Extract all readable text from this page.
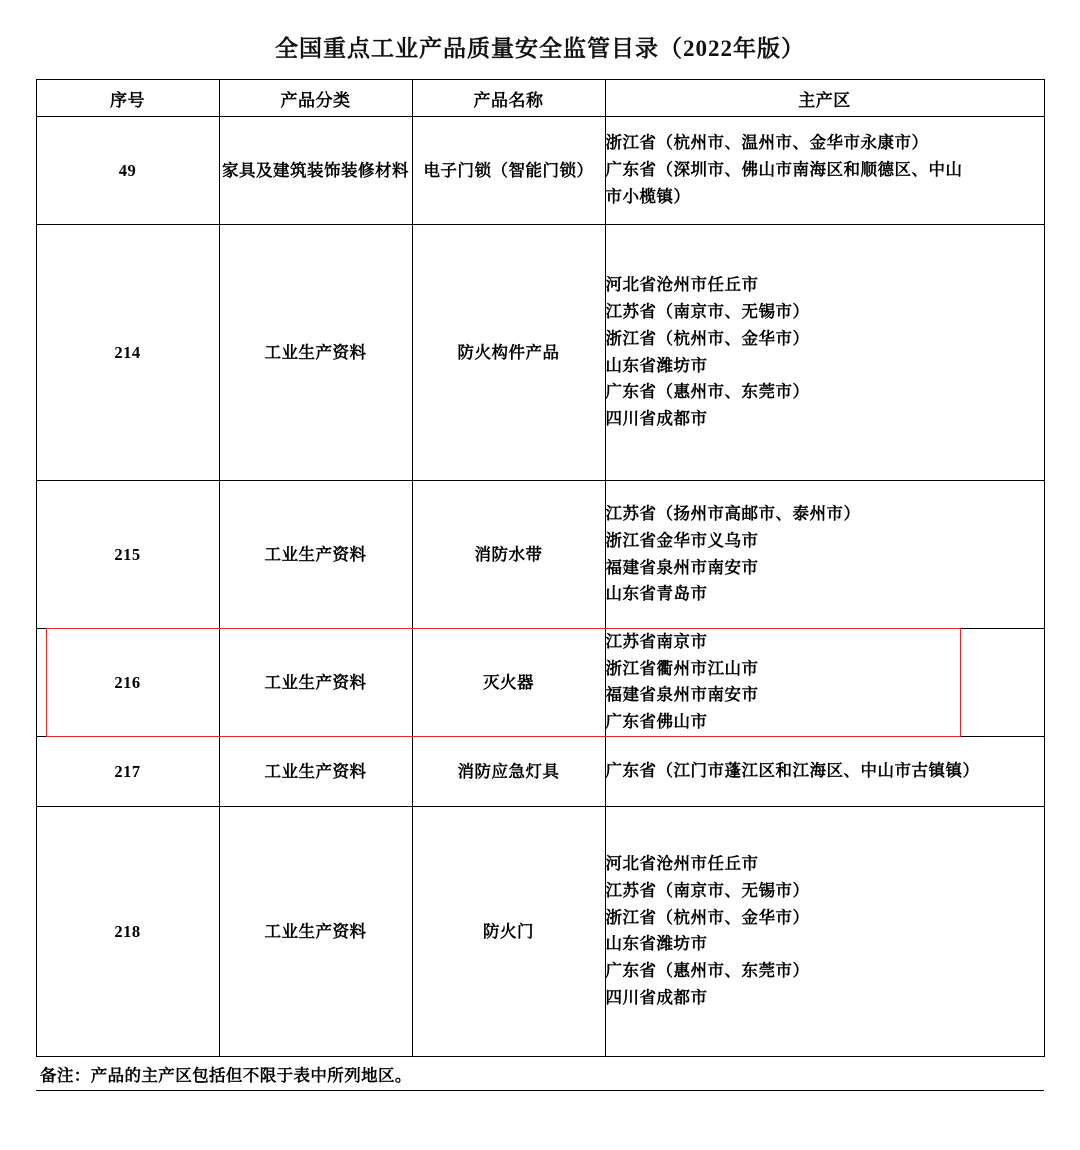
全国重点工业产品质量安全监管目录（2022年版）
序号	产品分类	产品名称	主产区
49	家具及建筑装饰装修材料	电子门锁（智能门锁）	浙江省（杭州市、温州市、金华市永康市）
广东省（深圳市、佛山市南海区和顺德区、中山
市小榄镇）

214	工业生产资料	防火构件产品	
河北省沧州市任丘市
江苏省（南京市、无锡市）
浙江省（杭州市、金华市）
山东省潍坊市
广东省（惠州市、东莞市）
四川省成都市

215	工业生产资料	消防水带	江苏省（扬州市高邮市、泰州市）
浙江省金华市义乌市
福建省泉州市南安市
山东省青岛市

216	工业生产资料	灭火器	江苏省南京市
浙江省衢州市江山市
福建省泉州市南安市
广东省佛山市

217	工业生产资料	消防应急灯具	广东省（江门市蓬江区和江海区、中山市古镇镇）

218	工业生产资料	防火门	
河北省沧州市任丘市
江苏省（南京市、无锡市）
浙江省（杭州市、金华市）
山东省潍坊市
广东省（惠州市、东莞市）
四川省成都市
备注：产品的主产区包括但不限于表中所列地区。
